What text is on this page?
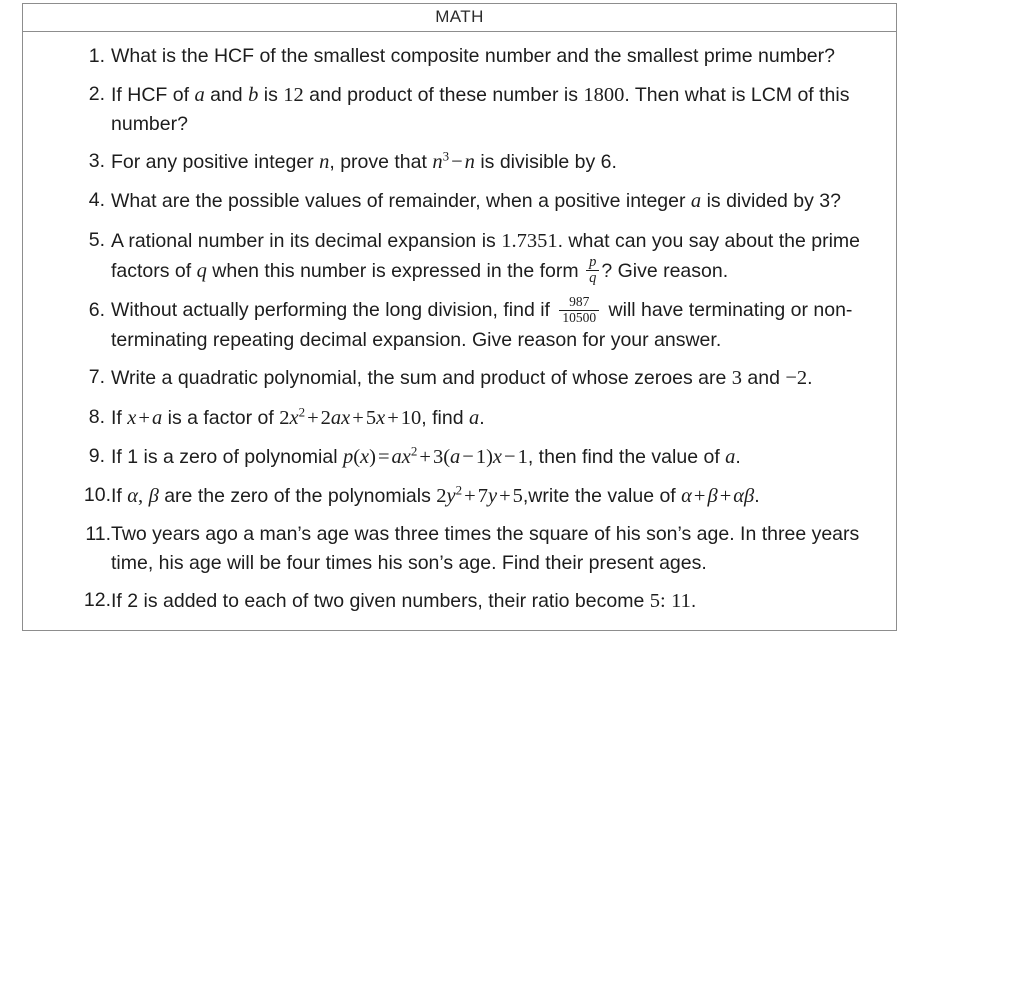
MATH

1. What is the HCF of the smallest composite number and the smallest prime number?
2. If HCF of a and b is 12 and product of these number is 1800. Then what is LCM of this number?
3. For any positive integer n, prove that $n^3-n$ is divisible by 6.
4. What are the possible values of remainder, when a positive integer a is divided by 3?
5. A rational number in its decimal expansion is 1.7351. what can you say about the prime factors of q when this number is expressed in the form $\frac{p}{q}$ ? Give reason.
6. Without actually performing the long division, find if $\frac{987}{10500}$ will have terminating or non-terminating repeating decimal expansion. Give reason for your answer.
7. Write a quadratic polynomial, the sum and product of whose zeroes are 3 and −2.
8. If x+a is a factor of $2x^2+2ax+5x+10$, find a.
9. If 1 is a zero of polynomial $p(x)=ax^2+3(a-1)x-1$, then find the value of a.
10. If α, β are the zero of the polynomials $2y^2+7y+5,write$ the value of α+β+αβ.
11. Two years ago a man’s age was three times the square of his son’s age. In three years time, his age will be four times his son’s age. Find their present ages.
12. If 2 is added to each of two given numbers, their ratio become 5: 11.
